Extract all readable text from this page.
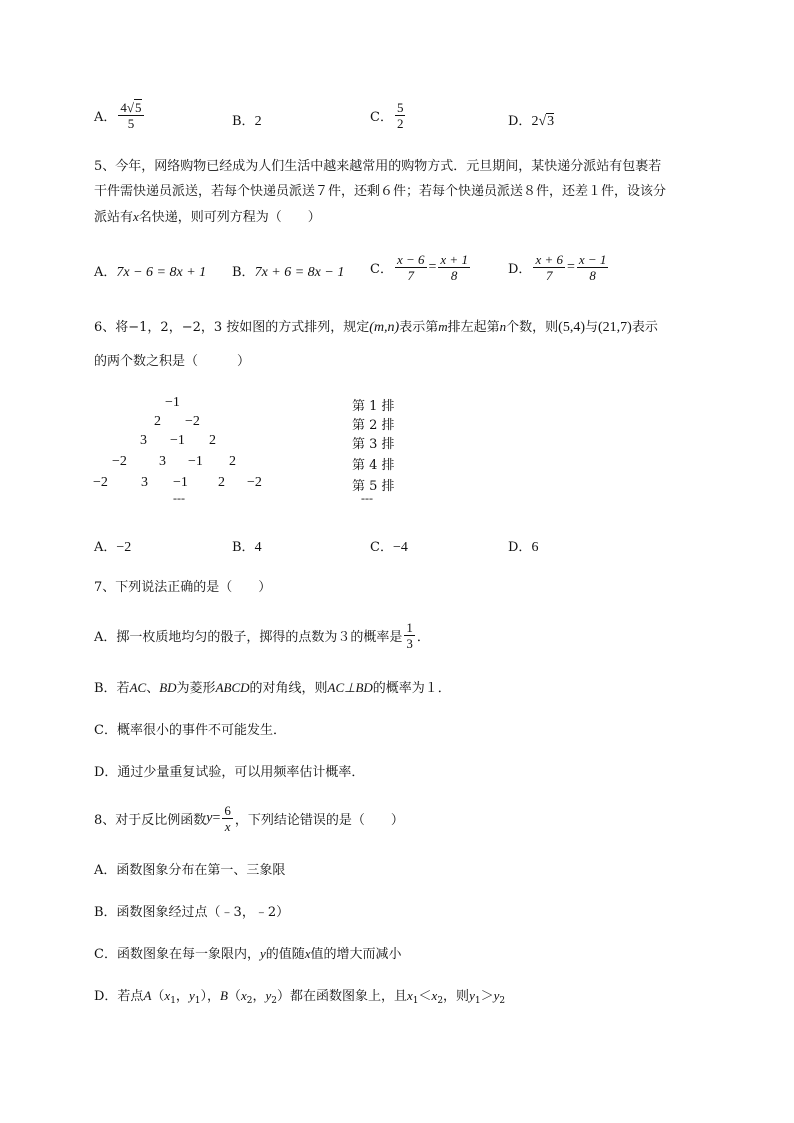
A． $\frac{4√5}{5}$	B．2	C． $\frac{5}{2}$	D．2√3
5、今年，网络购物已经成为人们生活中越来越常用的购物方式．元旦期间，某快递分派站有包裹若
干件需快递员派送，若每个快递员派送７件，还剩６件；若每个快递员派送８件，还差１件，设该分
派站有x名快递，则可列方程为（　　）
A．7x − 6 = 8x + 1 B．7x + 6 = 8x − 1 C． $\frac{x - 6}{7} = \frac{x + 1}{8}$	D． $\frac{x + 6}{7} = \frac{x - 1}{8}$
6、将−1，2，−2，3 按如图的方式排列，规定(m,n)表示第m排左起第n个数，则(5,4)与(21,7)表示
的两个数之积是（　　　）
−1
2 −2
3 −1 2
−2 3 −1 2
−2 3 −1 2 −2
---
第 1 排
第 2 排
第 3 排
第 4 排
第 5 排
---
A．−2	B．4	C．−4	D．6
7、下列说法正确的是（　　）
A．掷一枚质地均匀的骰子，掷得的点数为３的概率是 $\frac{1}{3}$ ．
B．若AC、BD为菱形ABCD的对角线，则AC⊥BD的概率为１．
C．概率很小的事件不可能发生．
D．通过少量重复试验，可以用频率估计概率．
8、对于反比例函数$y= \frac{6}{x}$ ，下列结论错误的是（　　）
A．函数图象分布在第一、三象限
B．函数图象经过点（﹣3，﹣2）
C．函数图象在每一象限内，y的值随x值的增大而减小
D．若点$A(x_1$，$y_1$），$B(x_2$，$y_2$）都在函数图象上，且$x_1<x_2$，则$y_1>y_2$
